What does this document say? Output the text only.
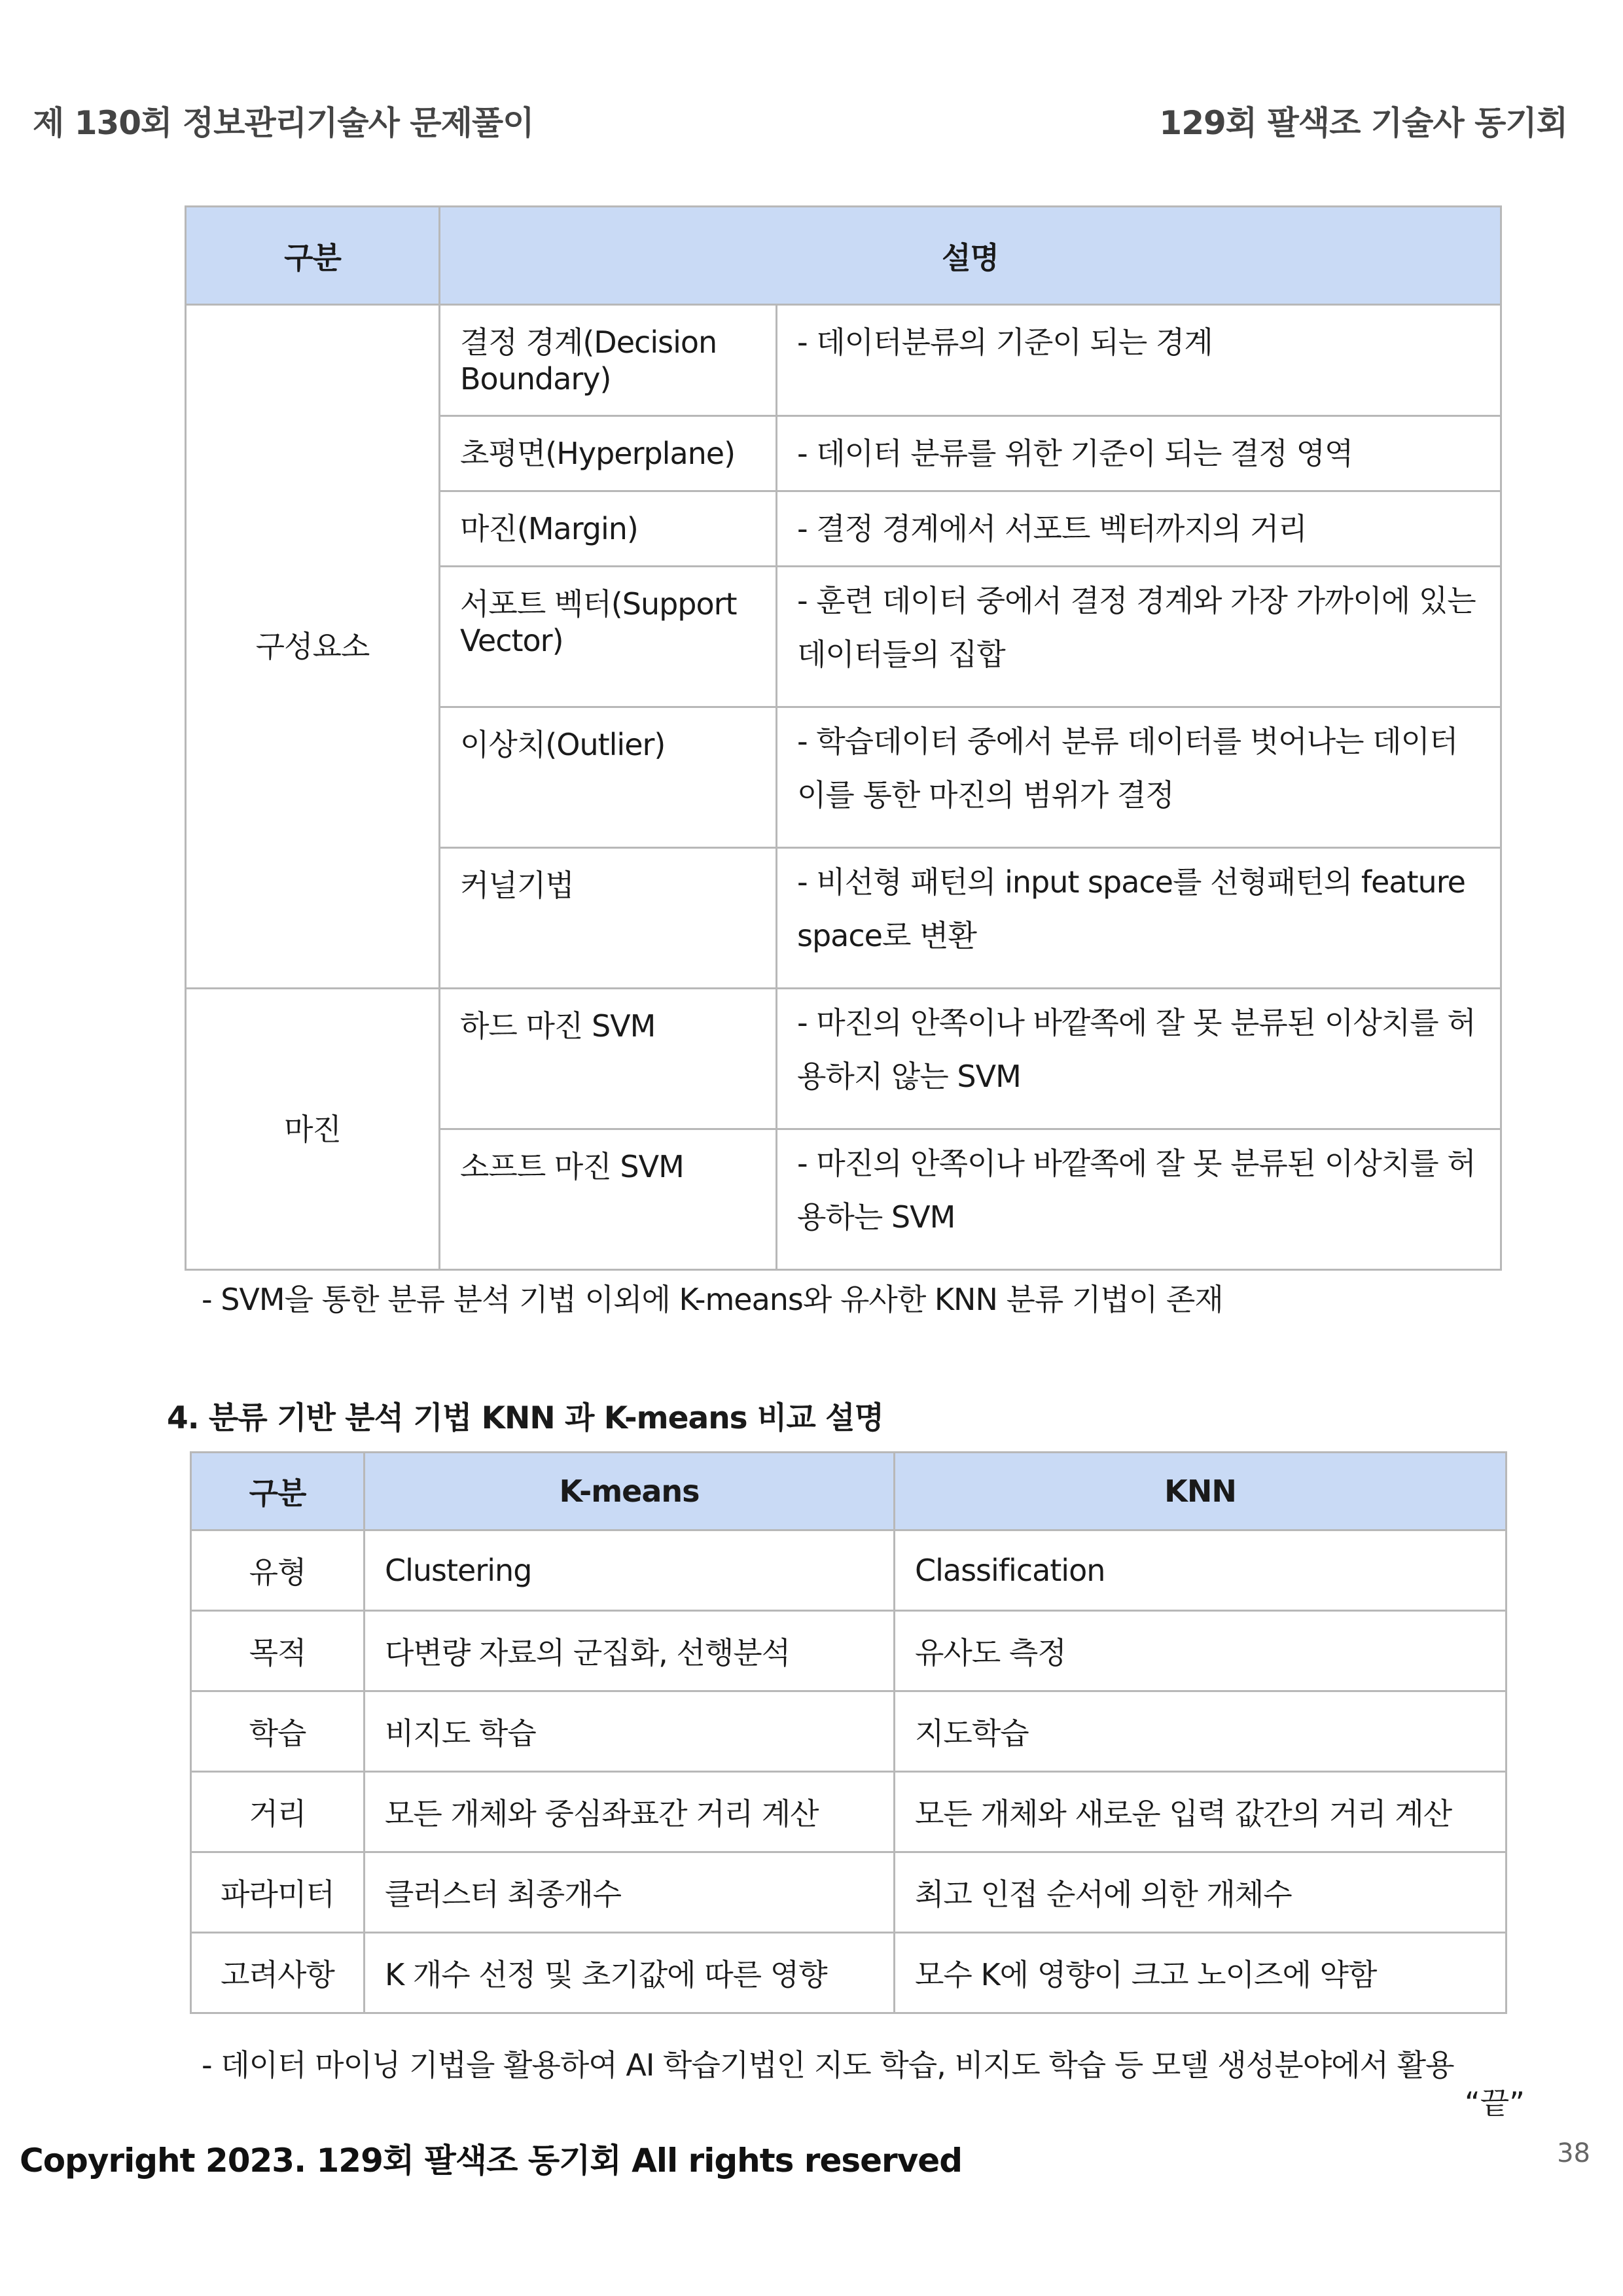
제 130회 정보관리기술사 문제풀이	129회 팔색조 기술사 동기회
구분	설명	
구성요소	결정 경계(Decision Boundary)	- 데이터분류의 기준이 되는 경계
	초평면(Hyperplane)	- 데이터 분류를 위한 기준이 되는 결정 영역
	마진(Margin)	- 결정 경계에서 서포트 벡터까지의 거리
	서포트 벡터(Support Vector)	- 훈련 데이터 중에서 결정 경계와 가장 가까이에 있는 데이터들의 집합
	이상치(Outlier)	- 학습데이터 중에서 분류 데이터를 벗어나는 데이터 이를 통한 마진의 범위가 결정
	커널기법	- 비선형 패턴의 input space를 선형패턴의 feature space로 변환
마진	하드 마진 SVM	- 마진의 안쪽이나 바깥쪽에 잘 못 분류된 이상치를 허용하지 않는 SVM
	소프트 마진 SVM	- 마진의 안쪽이나 바깥쪽에 잘 못 분류된 이상치를 허용하는 SVM
- SVM을 통한 분류 분석 기법 이외에 K-means와 유사한 KNN 분류 기법이 존재
4. 분류 기반 분석 기법 KNN 과 K-means 비교 설명
구분	K-means	KNN
유형	Clustering	Classification
목적	다변량 자료의 군집화, 선행분석	유사도 측정
학습	비지도 학습	지도학습
거리	모든 개체와 중심좌표간 거리 계산	모든 개체와 새로운 입력 값간의 거리 계산
파라미터	클러스터 최종개수	최고 인접 순서에 의한 개체수
고려사항	K 개수 선정 및 초기값에 따른 영향	모수 K에 영향이 크고 노이즈에 약함
- 데이터 마이닝 기법을 활용하여 AI 학습기법인 지도 학습, 비지도 학습 등 모델 생성분야에서 활용
“끝”
Copyright 2023. 129회 팔색조 동기회 All rights reserved	38
